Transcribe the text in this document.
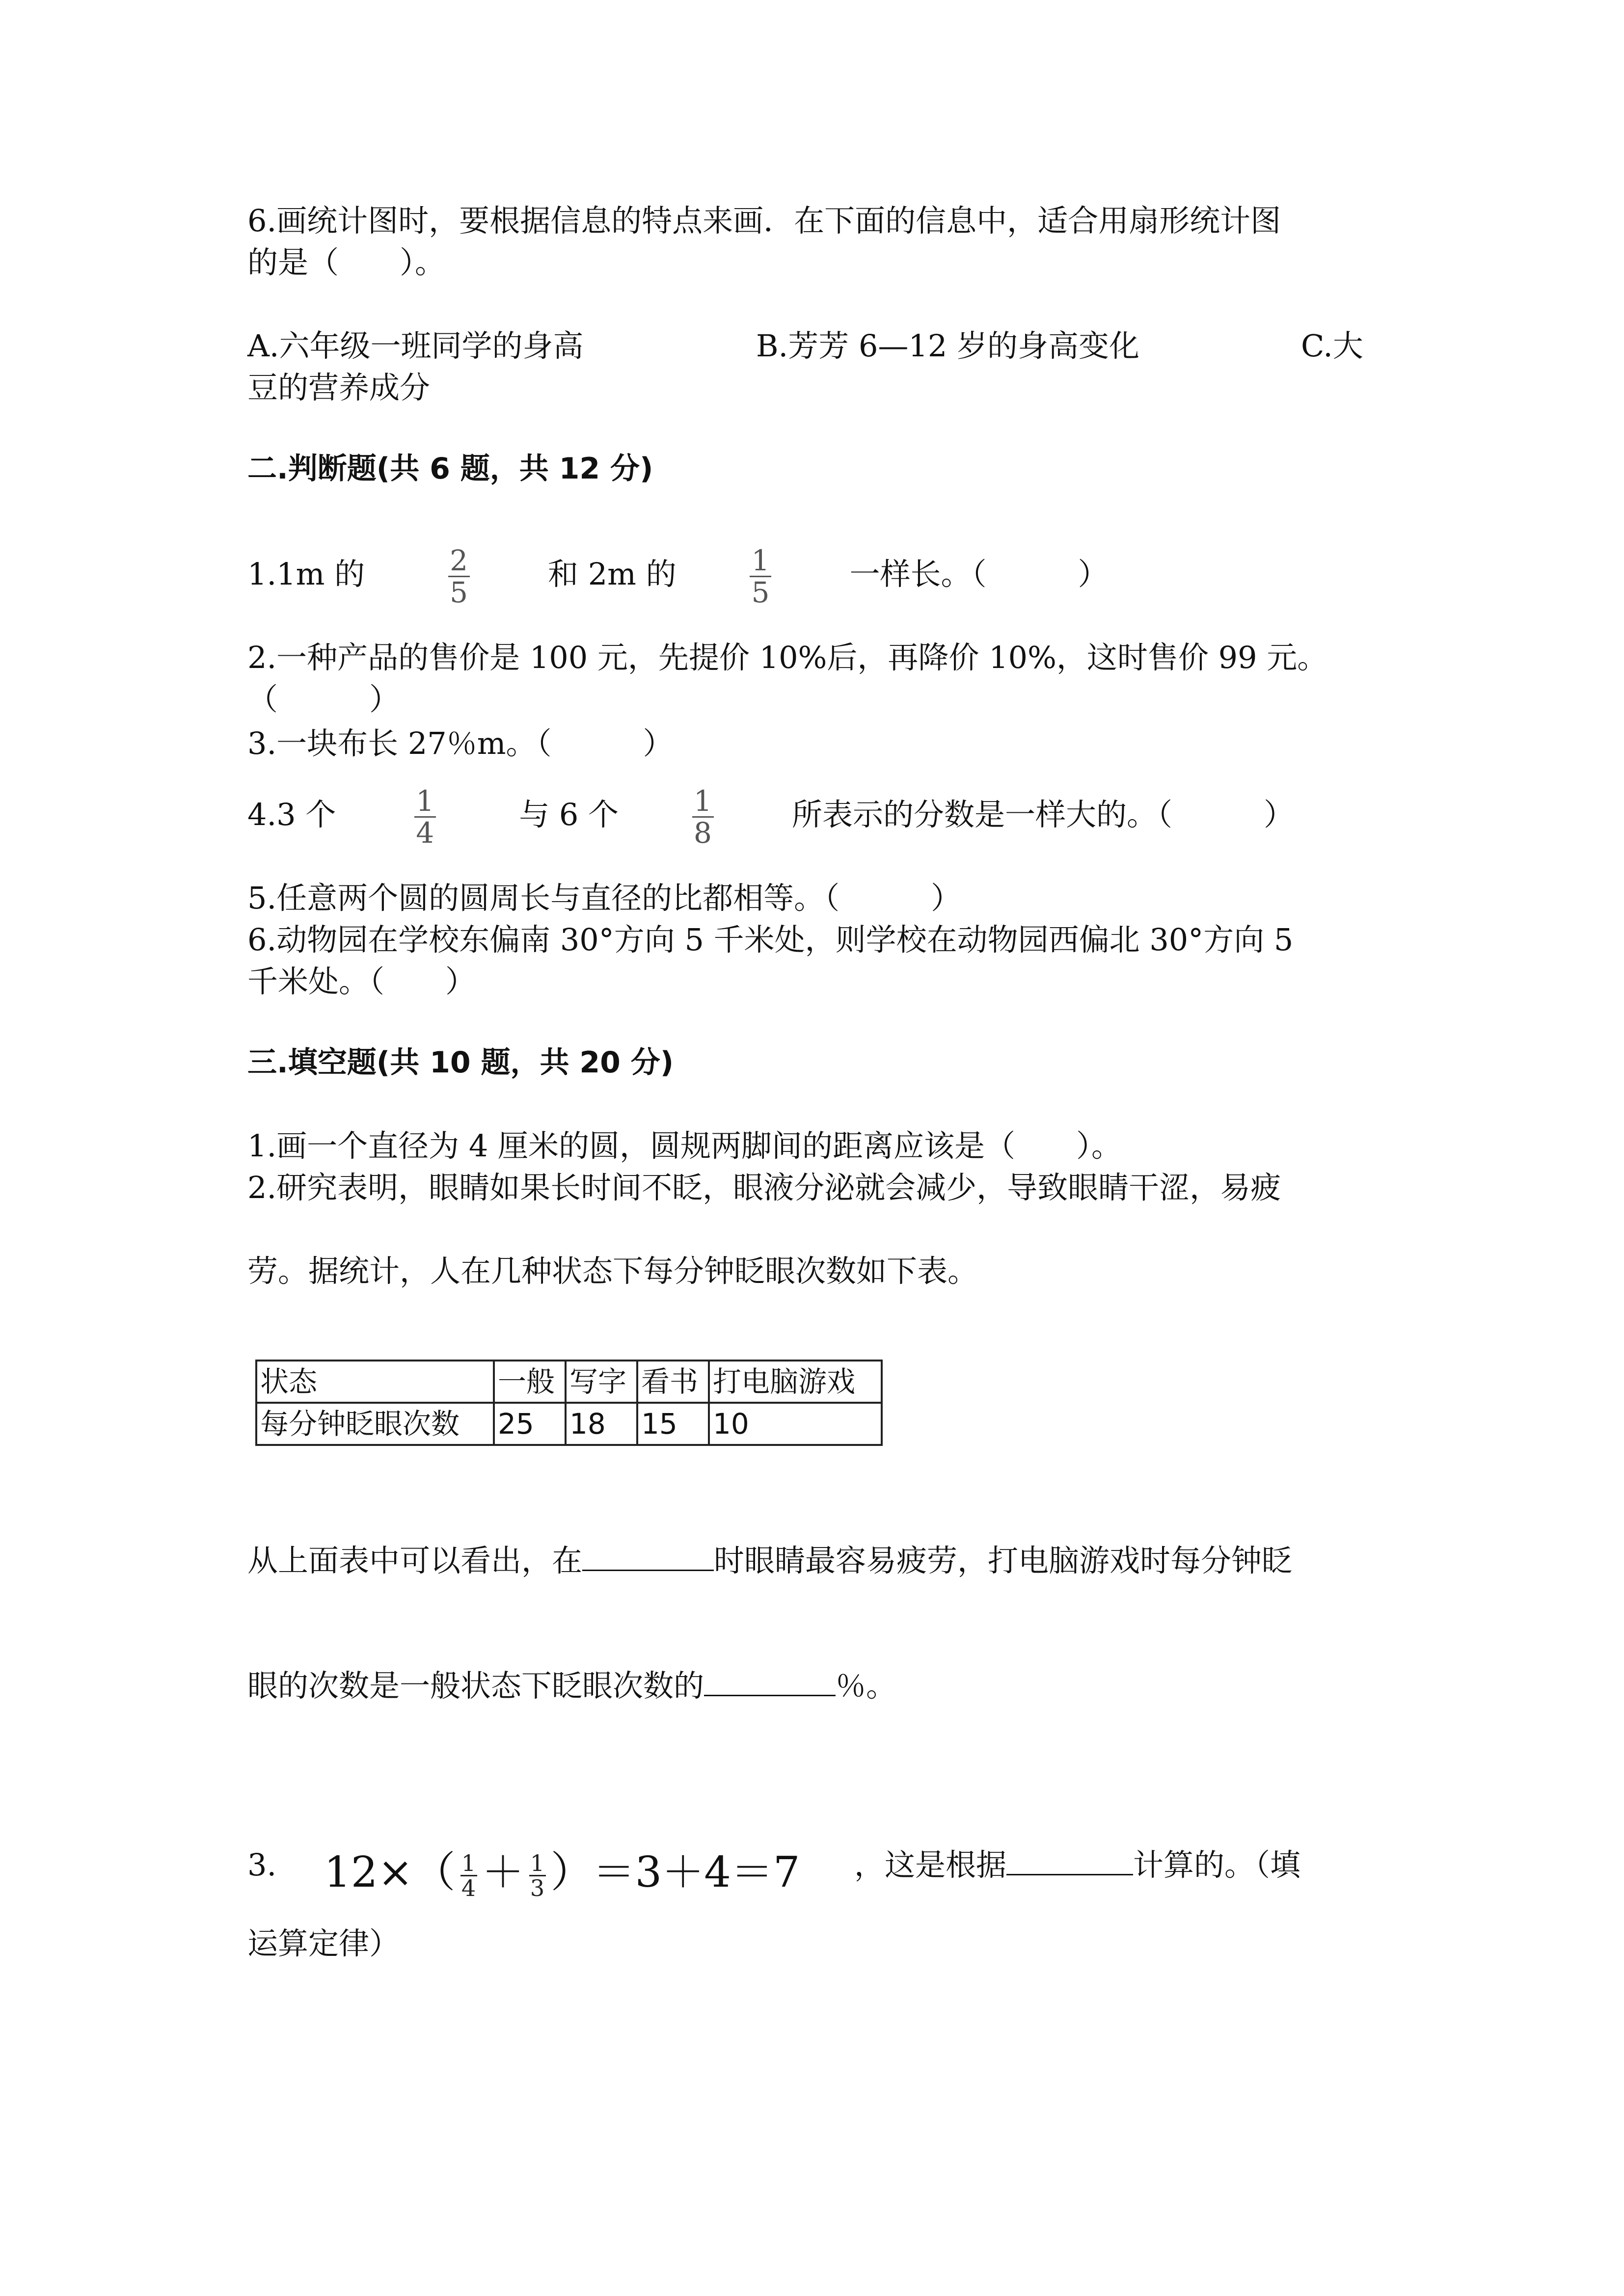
6.画统计图时，要根据信息的特点来画．在下面的信息中，适合用扇形统计图
的是（　　）。
A.六年级一班同学的身高	B.芳芳 6—12 岁的身高变化	C.大
豆的营养成分
二.判断题(共 6 题，共 12 分)
1.1m 的	$\frac{2}{5}$	和 2m 的	$\frac{1}{5}$	一样长。（　　　）
2.一种产品的售价是 100 元，先提价 10%后，再降价 10%，这时售价 99 元。
（　　　）
3.一块布长 27％m。（　　　）
4.3 个	$\frac{1}{4}$	与 6 个	$\frac{1}{8}$	所表示的分数是一样大的。（　　　）
5.任意两个圆的圆周长与直径的比都相等。（　　　）
6.动物园在学校东偏南 30°方向 5 千米处，则学校在动物园西偏北 30°方向 5
千米处。（　　）
三.填空题(共 10 题，共 20 分)
1.画一个直径为 4 厘米的圆，圆规两脚间的距离应该是（　　）。
2.研究表明，眼睛如果长时间不眨，眼液分泌就会减少，导致眼睛干涩，易疲
劳。据统计，人在几种状态下每分钟眨眼次数如下表。
状态	一般	写字	看书	打电脑游戏
每分钟眨眼次数	25	18	15	10
从上面表中可以看出，在	时眼睛最容易疲劳，打电脑游戏时每分钟眨
眼的次数是一般状态下眨眼次数的	％。
3. $12\times( \frac{1}{4} + \frac{1}{3} )=3+4=7$ ，这是根据	计算的。（填
运算定律）
